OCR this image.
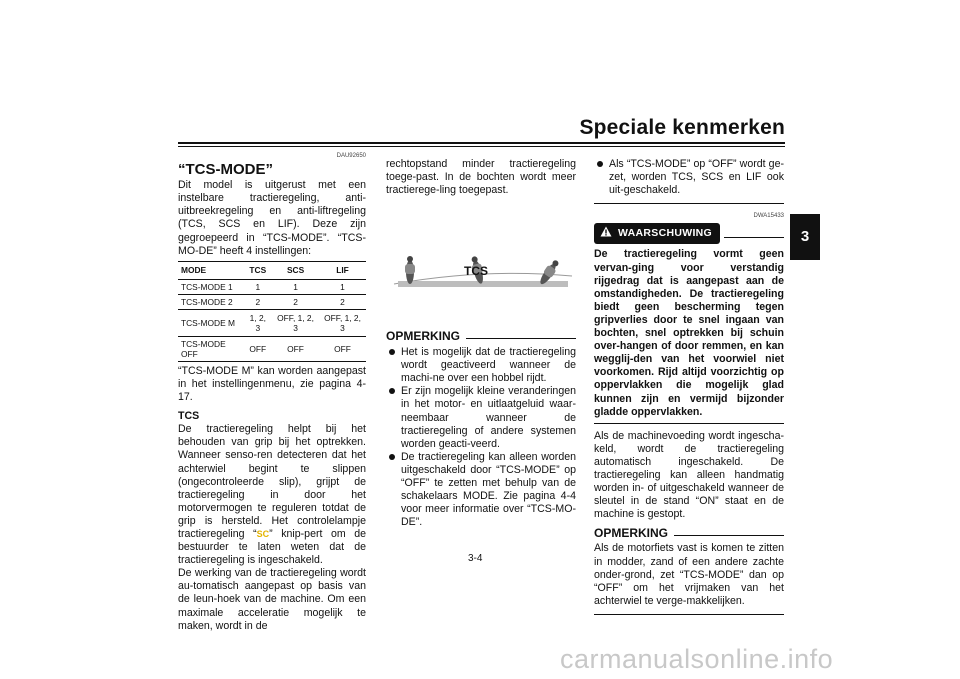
Speciale kenmerken
3
DAU92650
“TCS-MODE”

Dit model is uitgerust met een instelbare tractieregeling, anti-uitbreekregeling en anti-liftregeling (TCS, SCS en LIF). Deze zijn gegroepeerd in “TCS-MODE”. “TCS-MO-DE” heeft 4 instellingen:

MODE	TCS	SCS	LIF
TCS-MODE 1	1	1	1
TCS-MODE 2	2	2	2
TCS-MODE M	1, 2, 3	OFF, 1, 2, 3	OFF, 1, 2, 3
TCS-MODE OFF	OFF	OFF	OFF

“TCS-MODE M” kan worden aangepast in het instellingenmenu, zie pagina 4-17.

TCS

De tractieregeling helpt bij het behouden van grip bij het optrekken. Wanneer senso-ren detecteren dat het achterwiel begint te slippen (ongecontroleerde slip), grijpt de tractieregeling in door het motorvermogen te reguleren totdat de grip is hersteld. Het controlelampje tractieregeling “SC” knip-pert om de bestuurder te laten weten dat de tractieregeling is ingeschakeld.

De werking van de tractieregeling wordt au-tomatisch aangepast op basis van de leun-hoek van de machine. Om een maximale acceleratie mogelijk te maken, wordt in de

rechtopstand minder tractieregeling toege-past. In de bochten wordt meer tractierege-ling toegepast.

TCS
OPMERKING
Het is mogelijk dat de tractieregeling wordt geactiveerd wanneer de machi-ne over een hobbel rijdt.
Er zijn mogelijk kleine veranderingen in het motor- en uitlaatgeluid waar-neembaar wanneer de tractieregeling of andere systemen worden geacti-veerd.
De tractieregeling kan alleen worden uitgeschakeld door “TCS-MODE” op “OFF” te zetten met behulp van de schakelaars MODE. Zie pagina 4-4 voor meer informatie over “TCS-MO-DE”.
Als “TCS-MODE” op “OFF” wordt ge-zet, worden TCS, SCS en LIF ook uit-geschakeld.
DWA15433
WAARSCHUWING

De tractieregeling vormt geen vervan-ging voor verstandig rijgedrag dat is aangepast aan de omstandigheden. De tractieregeling biedt geen bescherming tegen gripverlies door te snel ingaan van bochten, snel optrekken bij schuin over-hangen of door remmen, en kan wegglij-den van het voorwiel niet voorkomen. Rijd altijd voorzichtig op oppervlakken die mogelijk glad kunnen zijn en vermijd bijzonder gladde oppervlakken.

Als de machinevoeding wordt ingescha-keld, wordt de tractieregeling automatisch ingeschakeld. De tractieregeling kan alleen handmatig worden in- of uitgeschakeld wanneer de sleutel in de stand “ON” staat en de machine is gestopt.

OPMERKING

Als de motorfiets vast is komen te zitten in modder, zand of een andere zachte onder-grond, zet “TCS-MODE” dan op “OFF” om het vrijmaken van het achterwiel te verge-makkelijken.

3-4
carmanualsonline.info
